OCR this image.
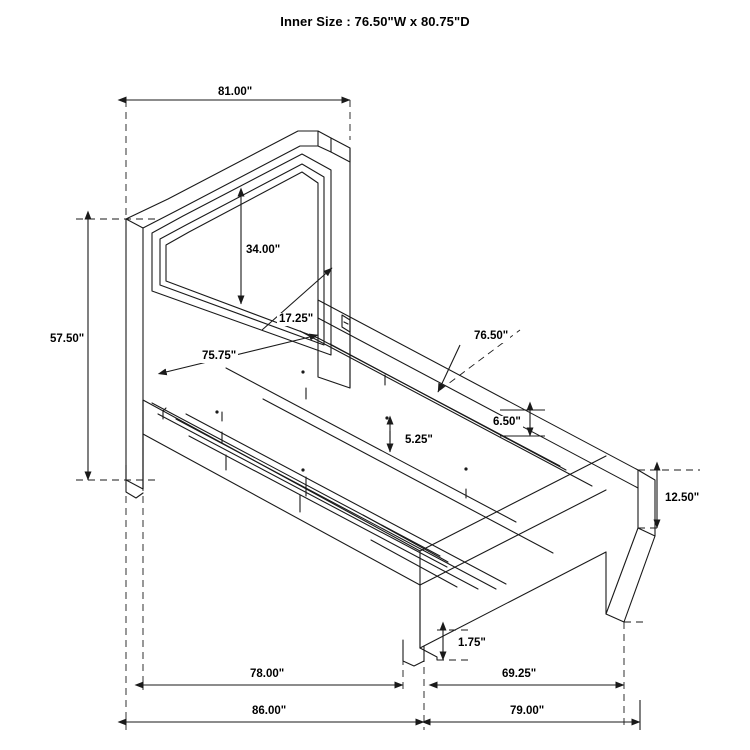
Inner Size : 76.50"W x 80.75"D
81.00"
34.00"
17.25"
57.50"
75.75"
76.50"
6.50"
5.25"
12.50"
1.75"
78.00"	69.25"
86.00"	79.00"
